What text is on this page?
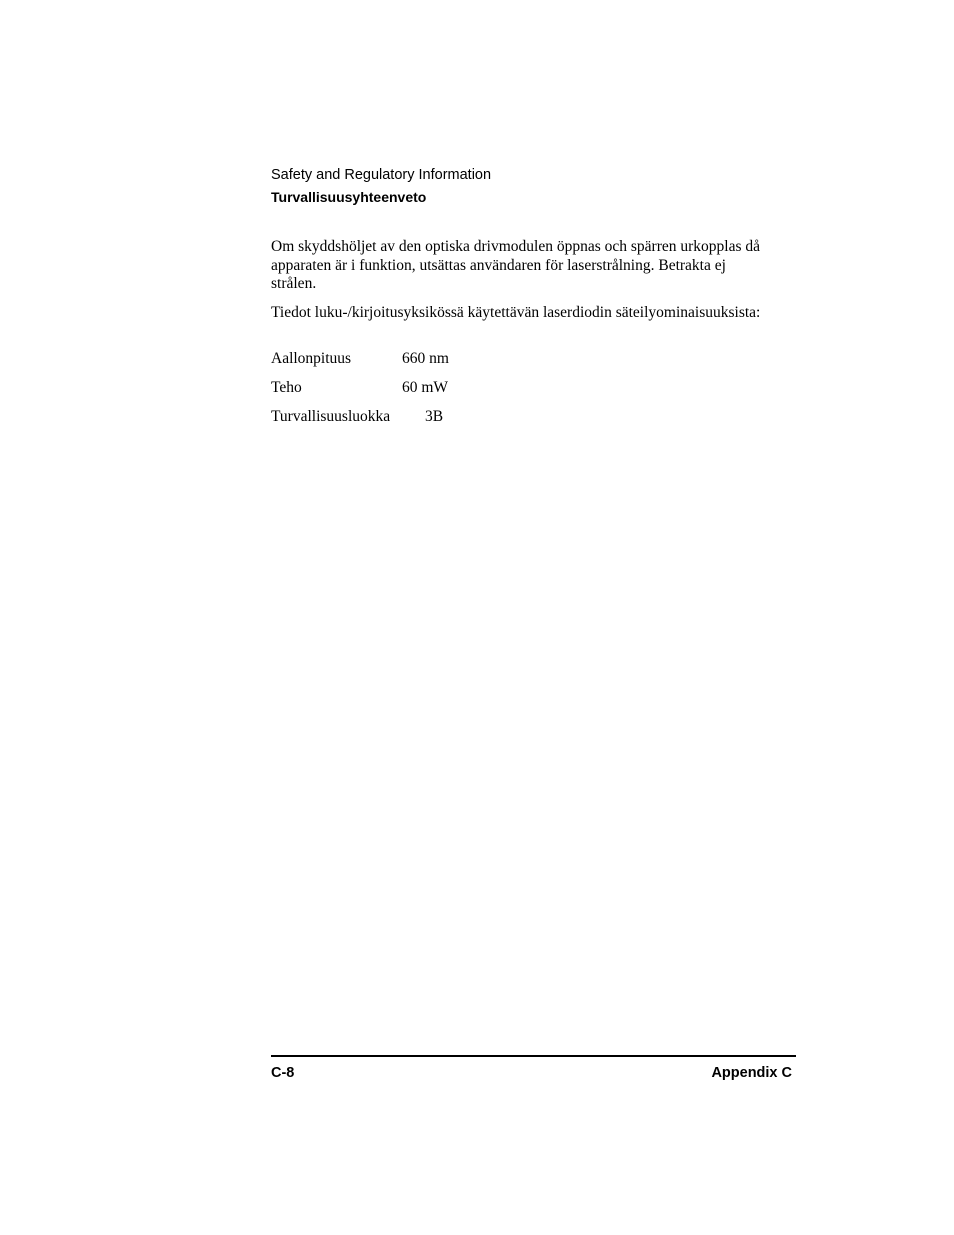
Safety and Regulatory Information
Turvallisuusyhteenveto
Om skyddshöljet av den optiska drivmodulen öppnas och spärren urkopplas då apparaten är i funktion, utsättas användaren för laserstrålning. Betrakta ej strålen.
Tiedot luku-/kirjoitusyksikössä käytettävän laserdiodin säteilyominaisuuksista:
Aallonpituus	660 nm
Teho	60 mW
Turvallisuusluokka 3B
C-8	Appendix C
